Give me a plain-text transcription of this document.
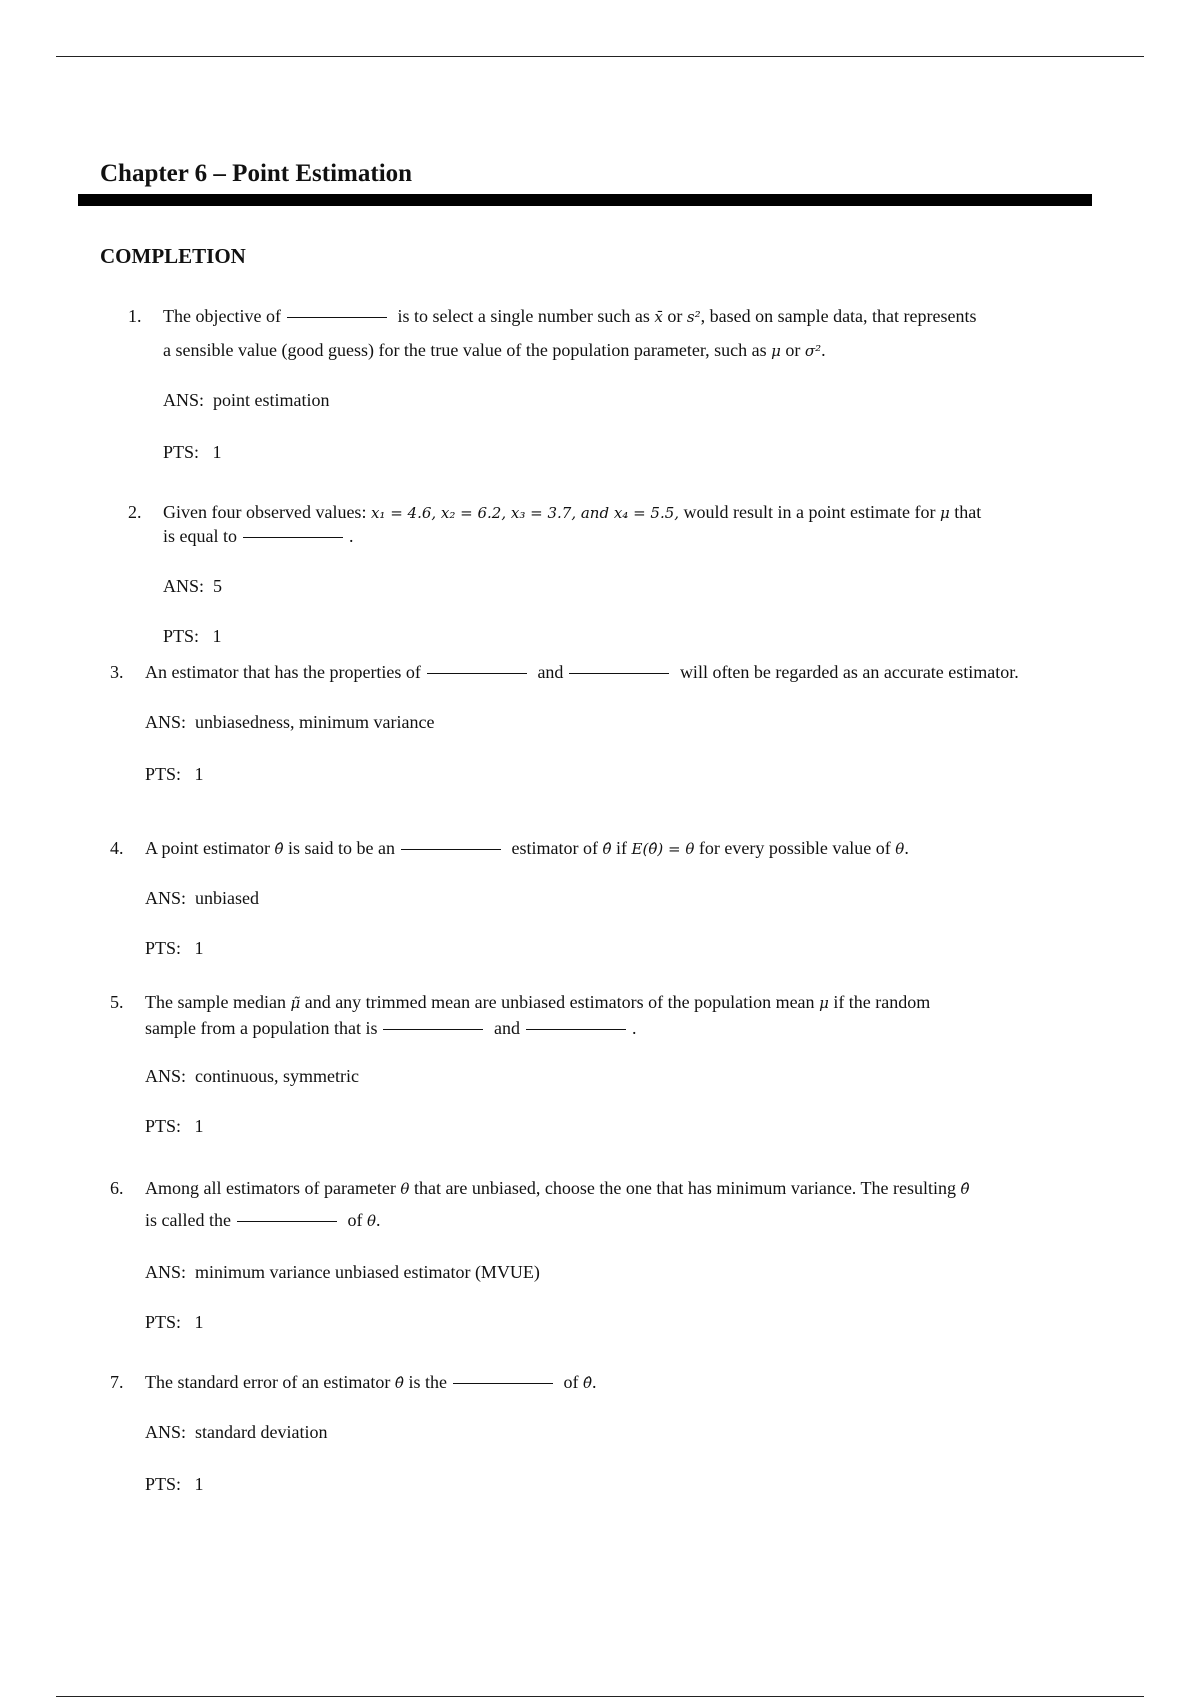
Chapter 6 – Point Estimation
COMPLETION
1. The objective of	is to select a single number such as x̄ or s², based on sample data, that represents
a sensible value (good guess) for the true value of the population parameter, such as μ or σ².
ANS: point estimation
PTS: 1
2. Given four observed values: x₁ = 4.6, x₂ = 6.2, x₃ = 3.7, and x₄ = 5.5, would result in a point estimate for μ that
is equal to	.
ANS: 5
PTS: 1
3. An estimator that has the properties of	and	will often be regarded as an accurate estimator.
ANS: unbiasedness, minimum variance
PTS: 1
4. A point estimator θ̂ is said to be an	estimator of θ̂ if E(θ̂) = θ for every possible value of θ.
ANS: unbiased
PTS: 1
5. The sample median μ̃ and any trimmed mean are unbiased estimators of the population mean μ if the random
sample from a population that is	and	.
ANS: continuous, symmetric
PTS: 1
6. Among all estimators of parameter θ that are unbiased, choose the one that has minimum variance. The resulting θ̂
is called the	of θ.
ANS: minimum variance unbiased estimator (MVUE)
PTS: 1
7. The standard error of an estimator θ̂ is the	of θ̂.
ANS: standard deviation
PTS: 1
